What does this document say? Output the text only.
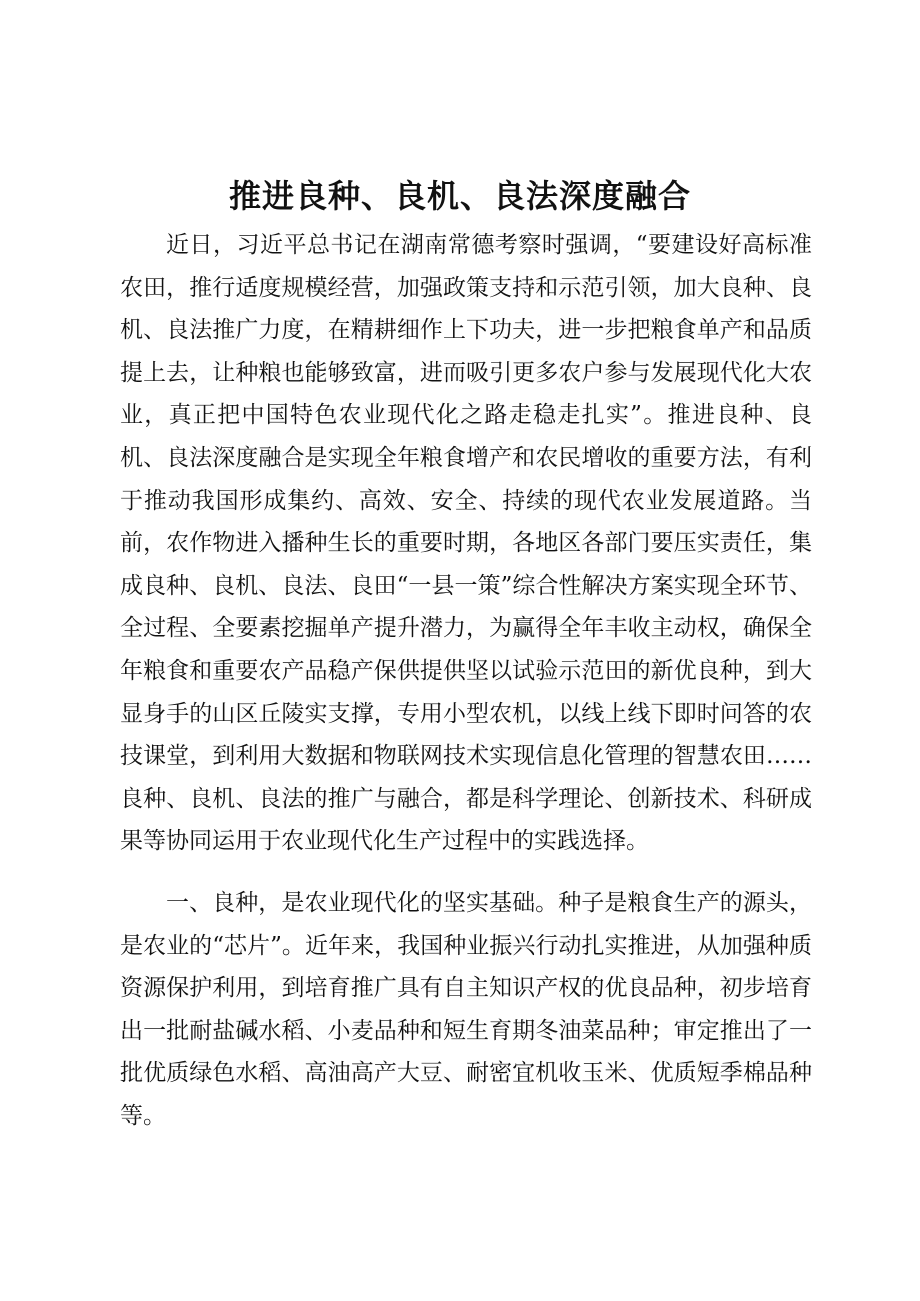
推进良种、良机、良法深度融合

近日，习近平总书记在湖南常德考察时强调，“要建设好高标准农田，推行适度规模经营，加强政策支持和示范引领，加大良种、良机、良法推广力度，在精耕细作上下功夫，进一步把粮食单产和品质提上去，让种粮也能够致富，进而吸引更多农户参与发展现代化大农业，真正把中国特色农业现代化之路走稳走扎实”。推进良种、良机、良法深度融合是实现全年粮食增产和农民增收的重要方法，有利于推动我国形成集约、高效、安全、持续的现代农业发展道路。当前，农作物进入播种生长的重要时期，各地区各部门要压实责任，集成良种、良机、良法、良田“一县一策”综合性解决方案实现全环节、全过程、全要素挖掘单产提升潜力，为赢得全年丰收主动权，确保全年粮食和重要农产品稳产保供提供坚以试验示范田的新优良种，到大显身手的山区丘陵实支撑，专用小型农机，以线上线下即时问答的农技课堂，到利用大数据和物联网技术实现信息化管理的智慧农田……良种、良机、良法的推广与融合，都是科学理论、创新技术、科研成果等协同运用于农业现代化生产过程中的实践选择。

一、良种，是农业现代化的坚实基础。种子是粮食生产的源头，是农业的“芯片”。近年来，我国种业振兴行动扎实推进，从加强种质资源保护利用，到培育推广具有自主知识产权的优良品种，初步培育出一批耐盐碱水稻、小麦品种和短生育期冬油菜品种；审定推出了一批优质绿色水稻、高油高产大豆、耐密宜机收玉米、优质短季棉品种等。
